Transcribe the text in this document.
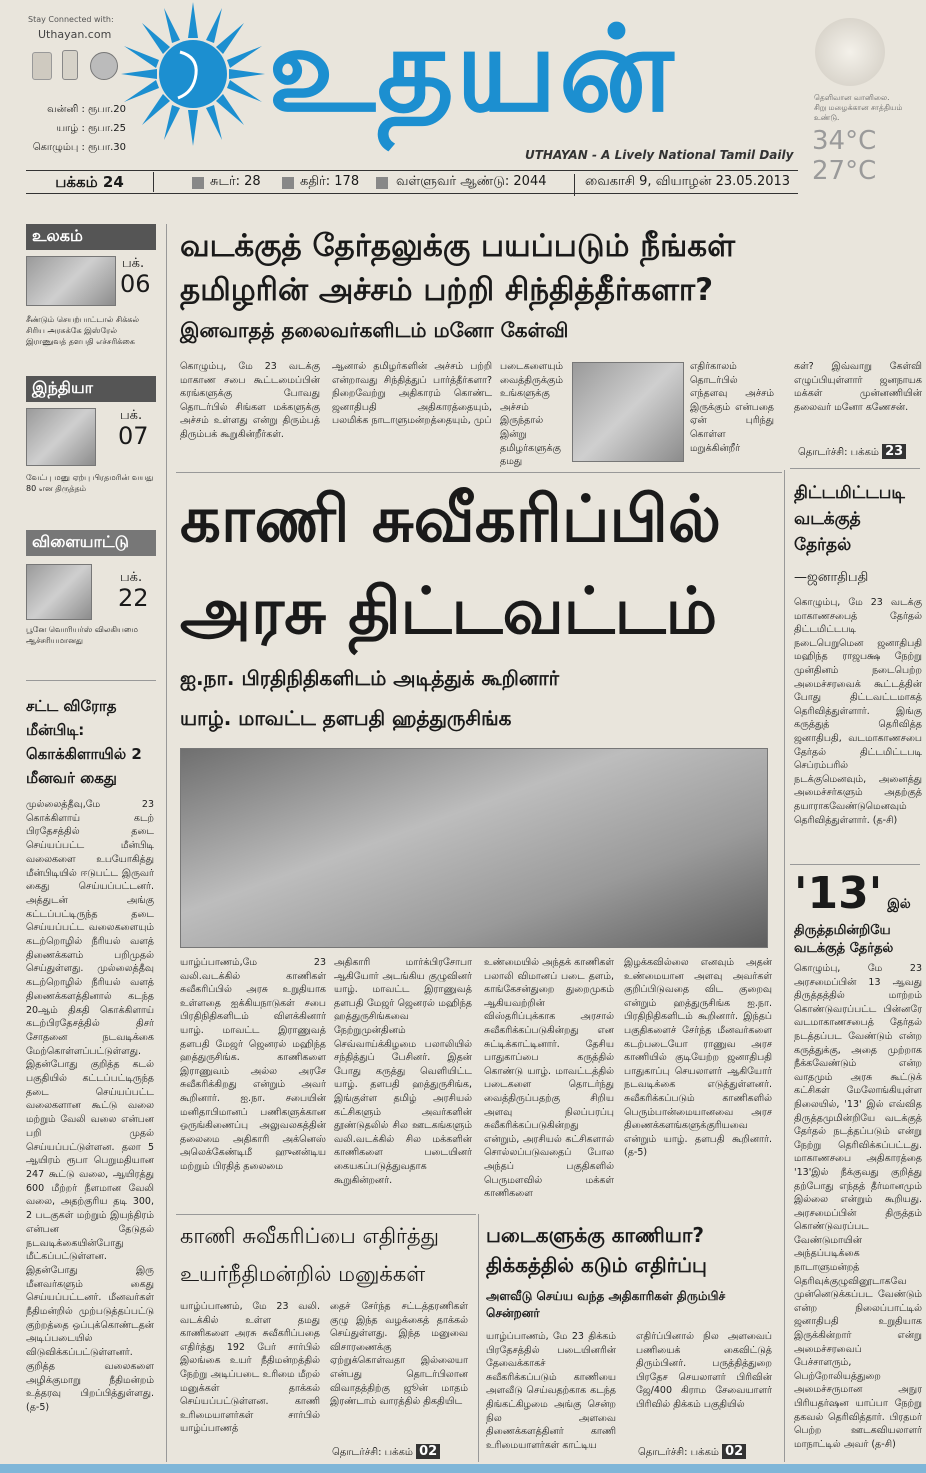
Stay Connected with:
Uthayan.com
வன்னி : ரூபா.20
யாழ் : ரூபா.25
கொழும்பு : ரூபா.30
உதயன்
UTHAYAN - A Lively National Tamil Daily
தெளிவான வானிலை. சிறு மழைக்கான சாத்தியம் உண்டு.
34°C 27°C
பக்கம் 24	சுடர்: 28	கதிர்: 178	வள்ளுவர் ஆண்டு: 2044	வைகாசி 9, வியாழன் 23.05.2013
உலகம்
பக்.
06
சீண்டும் செயற்பாட்டால் சிக்கல் சிரிய அரசுக்கே இஸ்ரேல் இராணுவத் தளபதி எச்சரிக்கை
இந்தியா
பக்.
07
வேட்பு மனு ஏற்பு பிரதமரின் வயது 80 என திருத்தம்
விளையாட்டு
பக்.
22
பூனே வொரியர்ஸ் விலகியமை ஆச்சரியமானது
சட்ட விரோத மீன்பிடி: கொக்கிளாயில் 2 மீனவர் கைது
முல்லைத்தீவு,மே 23 கொக்கிளாய் கடற் பிரதேசத்தில் தடை செய்யப்பட்ட மீன்பிடி வலைகளை உபயோகித்து மீன்பிடியில் ஈடுபட்ட இருவர் கைது செய்யப்பட்டனர். அத்துடன் அங்கு கட்டப்பட்டிருந்த தடை செய்யப்பட்ட வலைகளையும் கடற்றொழில் நீரியல் வளத் திணைக்களம் பறிமுதல் செய்துள்ளது. முல்லைத்தீவு கடற்றொழில் நீரியல் வளத் திணைக்களத்தினால் கடந்த 20ஆம் திகதி கொக்கிளாய் கடற்பிரதேசத்தில் திசர் சோதனை நடவடிக்கை மேற்கொள்ளப்பட்டுள்ளது. இதன்போது குறித்த கடல் பகுதியில் கட்டப்பட்டிருந்த தடை செய்யப்பட்ட வலைகளான கூட்டு வலை மற்றும் வேலி வலை என்பன பறி முதல் செய்யப்பட்டுள்ளன. தலா 5 ஆயிரம் ரூபா பெறுமதியான 247 கூட்டு வலை, ஆயிரத்து 600 மீற்றர் நீளமான வேலி வலை, அதற்குரிய தடி 300, 2 படகுகள் மற்றும் இயந்திரம் என்பன தேடுதல் நடவடிக்கையின்போது மீட்கப்பட்டுள்ளன. இதன்போது இரு மீனவர்களும் கைது செய்யப்பட்டனர். மீனவர்கள் நீதிமன்றில் முற்படுத்தப்பட்டு குற்றத்தை ஒப்புக்கொண்டதன் அடிப்படையில் விடுவிக்கப்பட்டுள்ளனர். குறித்த வலைகளை அழிக்குமாறு நீதிமன்றம் உத்தரவு பிறப்பித்துள்ளது. (த-5)
வடக்குத் தேர்தலுக்கு பயப்படும் நீங்கள்
தமிழரின் அச்சம் பற்றி சிந்தித்தீர்களா?
இனவாதத் தலைவர்களிடம் மனோ கேள்வி
கொழும்பு, மே 23 வடக்கு மாகாண சபை கூட்டமைப்பின் கரங்களுக்கு போவது தொடர்பில் சிங்கள மக்களுக்கு அச்சம் உள்ளது என்று திரும்பத் திரும்பக் கூறுகின்றீர்கள்.
ஆனால் தமிழர்களின் அச்சம் பற்றி என்றாவது சிந்தித்துப் பார்த்தீர்களா? நிறைவேற்று அதிகாரம் கொண்ட ஜனாதிபதி அதிகாரத்தையும், பலமிக்க நாடாளுமன்றத்தையும், முப்
படைகளையும் வைத்திருக்கும் உங்களுக்கு அச்சம் இருந்தால் இன்று தமிழர்களுக்கு தமது
எதிர்காலம் தொடர்பில் எந்தளவு அச்சம் இருக்கும் என்பதை ஏன் புரிந்து கொள்ள மறுக்கின்றீர்
கள்? இவ்வாறு கேள்வி எழுப்பியுள்ளார் ஜனநாயக மக்கள் முன்னணியின் தலைவர் மனோ கணேசன்.
தொடர்ச்சி: பக்கம் 23
காணி சுவீகரிப்பில்
அரசு திட்டவட்டம்
ஐ.நா. பிரதிநிதிகளிடம் அடித்துக் கூறினார்
யாழ். மாவட்ட தளபதி ஹத்துருசிங்க
யாழ்ப்பாணம்,மே 23 வலி.வடக்கில் காணிகள் சுவீகரிப்பில் அரசு உறுதியாக உள்ளதை ஐக்கியநாடுகள் சபை பிரதிநிதிகளிடம் விளக்கினார் யாழ். மாவட்ட இராணுவத் தளபதி மேஜர் ஜெனரல் மஹிந்த ஹத்துருசிங்க. காணிகளை இராணுவம் அல்ல அரசே சுவீகரிக்கிறது என்றும் அவர் கூறினார். ஐ.நா. சபையின் மனிதாபிமானப் பணிகளுக்கான ஒருங்கிணைப்பு அலுவலகத்தின் தலைமை அதிகாரி அக்னெஸ் அலெக்கேண்டிமீ ஹுனன்டிய மற்றும் பிரதித் தலைமை
அதிகாரி மார்க்பிரசோபா ஆகியோர் அடங்கிய குழுவினர் யாழ். மாவட்ட இராணுவத் தளபதி மேஜர் ஜெனரல் மஹிந்த ஹத்துருசிங்கவை நேற்றுமுன்தினம் செவ்வாய்க்கிழமை பலாலியில் சந்தித்துப் பேசினர். இதன் போது கருத்து வெளியிட்ட யாழ். தளபதி ஹத்துருசிங்க, இங்குள்ள தமிழ் அரசியல் கட்சிகளும் அவர்களின் தூண்டுதலில் சில ஊடகங்களும் வலி.வடக்கில் சில மக்களின் காணிகளை படையினர் கையகப்படுத்துவதாக கூறுகின்றனர்.
உண்மையில் அந்தக் காணிகள் பலாலி விமானப் படை தளம், காங்கேசன்துறை துறைமுகம் ஆகியவற்றின் விஸ்தரிப்புக்காக அரசால் சுவீகரிக்கப்படுகின்றது என சுட்டிக்காட்டினார். தேசிய பாதுகாப்பை கருத்தில் கொண்டு யாழ். மாவட்டத்தில் படைகளை தொடர்ந்து வைத்திருப்பதற்கு சிறிய அளவு நிலப்பரப்பு சுவீகரிக்கப்படுகின்றது என்றும், அரசியல் கட்சிகளால் சொல்லப்படுவதைப் போல அந்தப் பகுதிகளில் பெருமளவில் மக்கள் காணிகளை
இழக்கவில்லை எனவும் அதன் உண்மையான அளவு அவர்கள் குறிப்பிடுவதை விட குறைவு என்றும் ஹத்துருசிங்க ஐ.நா. பிரதிநிதிகளிடம் கூறினார். இந்தப் பகுதிகளைச் சேர்ந்த மீனவர்களை கடற்படையோ ராணுவ அரச காணியில் குடியேற்ற ஜனாதிபதி பாதுகாப்பு செயலாளர் ஆகியோர் நடவடிக்கை எடுத்துள்ளனர். சுவீகரிக்கப்படும் காணிகளில் பெரும்பான்மையானவை அரச திணைக்களங்களுக்குரியவை என்றும் யாழ். தளபதி கூறினார். (த-5)
காணி சுவீகரிப்பை எதிர்த்து
உயர்நீதிமன்றில் மனுக்கள்
யாழ்ப்பாணம், மே 23 வலி. வடக்கில் உள்ள தமது காணிகளை அரசு சுவீகரிப்பதை எதிர்த்து 192 பேர் சார்பில் இலங்கை உயர் நீதிமன்றத்தில் நேற்று அடிப்படை உரிமை மீறல் மனுக்கள் தாக்கல் செய்யப்பட்டுள்ளன. காணி உரிமையாளர்கள் சார்பில் யாழ்ப்பாணத்
தைச் சேர்ந்த சட்டத்தரணிகள் குழு இந்த வழக்கைத் தாக்கல் செய்துள்ளது. இந்த மனுவை விசாரணைக்கு ஏற்றுக்கொள்வதா இல்லையா என்பது தொடர்பிலான விவாதத்திற்கு ஜூன் மாதம் இரண்டாம் வாரத்தில் திகதியிட
தொடர்ச்சி: பக்கம் 02
படைகளுக்கு காணியா?
திக்கத்தில் கடும் எதிர்ப்பு
அளவீடு செய்ய வந்த அதிகாரிகள் திரும்பிச் சென்றனர்
யாழ்ப்பாணம், மே 23 திக்கம் பிரதேசத்தில் படையினரின் தேவைக்காகச் சுவீகரிக்கப்படும் காணியை அளவீடு செய்வதற்காக கடந்த திங்கட்கிழமை அங்கு சென்ற நில அளவை திணைக்களத்தினர் காணி உரிமையாளர்கள் காட்டிய
எதிர்ப்பினால் நில அளவைப் பணியைக் கைவிட்டுத் திரும்பினர். பருத்தித்துறை பிரதேச செயலாளர் பிரிவின் ஜே/400 கிராம சேவையாளர் பிரிவில் திக்கம் பகுதியில்
தொடர்ச்சி: பக்கம் 02
திட்டமிட்டபடி வடக்குத் தேர்தல்
—ஜனாதிபதி
கொழும்பு, மே 23 வடக்கு மாகாணசபைத் தேர்தல் திட்டமிட்டபடி நடைபெறுமென ஜனாதிபதி மஹிந்த ராஜபக்ஷ நேற்று முன்தினம் நடைபெற்ற அமைச்சரவைக் கூட்டத்தின் போது திட்டவட்டமாகத் தெரிவித்துள்ளார். இங்கு கருத்துத் தெரிவித்த ஜனாதிபதி, வடமாகாணசபை தேர்தல் திட்டமிட்டபடி செப்ரம்பரில் நடக்குமெனவும், அனைத்து அமைச்சர்களும் அதற்குத் தயாராகவேண்டுமெனவும் தெரிவித்துள்ளார். (த-சி)
'13' இல்
திருத்தமின்றியே வடக்குத் தேர்தல்
கொழும்பு, மே 23 அரசமைப்பின் 13 ஆவது திருத்தத்தில் மாற்றம் கொண்டுவரப்பட்ட பின்னரே வடமாகாணசபைத் தேர்தல் நடத்தப்பட வேண்டும் என்ற கருத்துக்கு, அதை முற்றாக நீக்கவேண்டும் என்ற வாதமும் அரசு கூட்டுக் கட்சிகள் மேலோங்கியுள்ள நிலையில், '13' இல் எவ்வித திருத்தமுமின்றியே வடக்குத் தேர்தல் நடத்தப்படும் என்று நேற்று தெரிவிக்கப்பட்டது. மாகாணசபை அதிகாரத்தை '13'இல் நீக்குவது குறித்து தற்போது எந்தத் தீர்மானமும் இல்லை என்றும் கூறியது. அரசமைப்பின் திருத்தம் கொண்டுவரப்பட வேண்டுமாயின் அந்தப்படிக்கை நாடாளுமன்றத் தெரிவுக்குழுவினூடாகவே முன்னெடுக்கப்பட வேண்டும் என்ற நிலைப்பாட்டில் ஜனாதிபதி உறுதியாக இருக்கின்றார் என்று அமைச்சரவைப் பேச்சாளரும், பெற்றோலியத்துறை அமைச்சருமான அநுர பிரியதர்ஷன யாப்பா நேற்று தகவல் தெரிவித்தார். பிரதமர் பெற்ற ஊடகவியலாளர் மாநாட்டில் அவர் (த-சி)
